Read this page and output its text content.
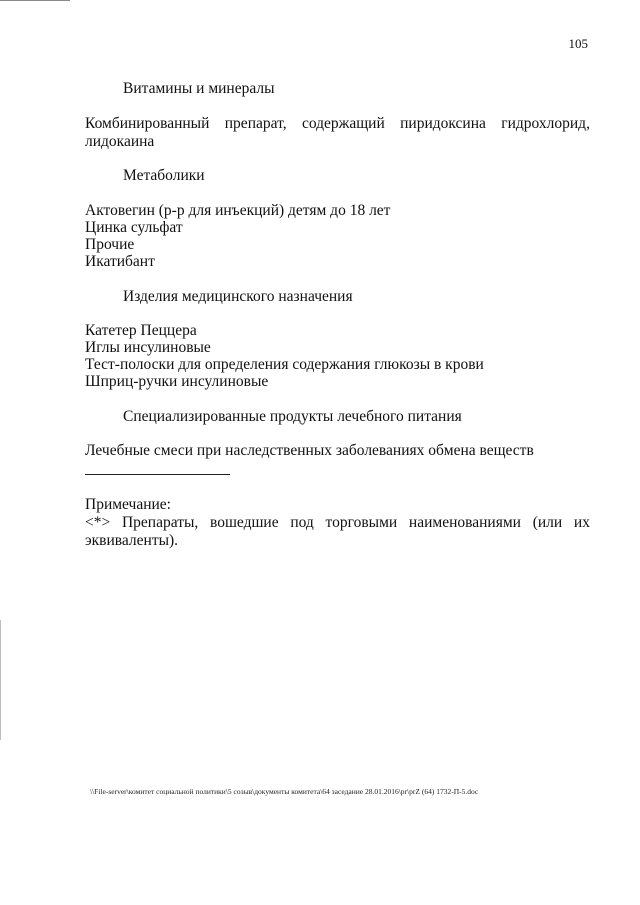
105
Витамины и минералы
Комбинированный препарат, содержащий пиридоксина гидрохлорид,
лидокаина
Метаболики
Актовегин (р-р для инъекций) детям до 18 лет
Цинка сульфат
Прочие
Икатибант
Изделия медицинского назначения
Катетер Пеццера
Иглы инсулиновые
Тест-полоски для определения содержания глюкозы в крови
Шприц-ручки инсулиновые
Специализированные продукты лечебного питания
Лечебные смеси при наследственных заболеваниях обмена веществ
Примечание:
<*> Препараты, вошедшие под торговыми наименованиями (или их
эквиваленты).
\\File-server\комитет социальной политики\5 созыв\документы комитета\64 заседание 28.01.2016\pr\prZ (64) 1732-П-5.doc
